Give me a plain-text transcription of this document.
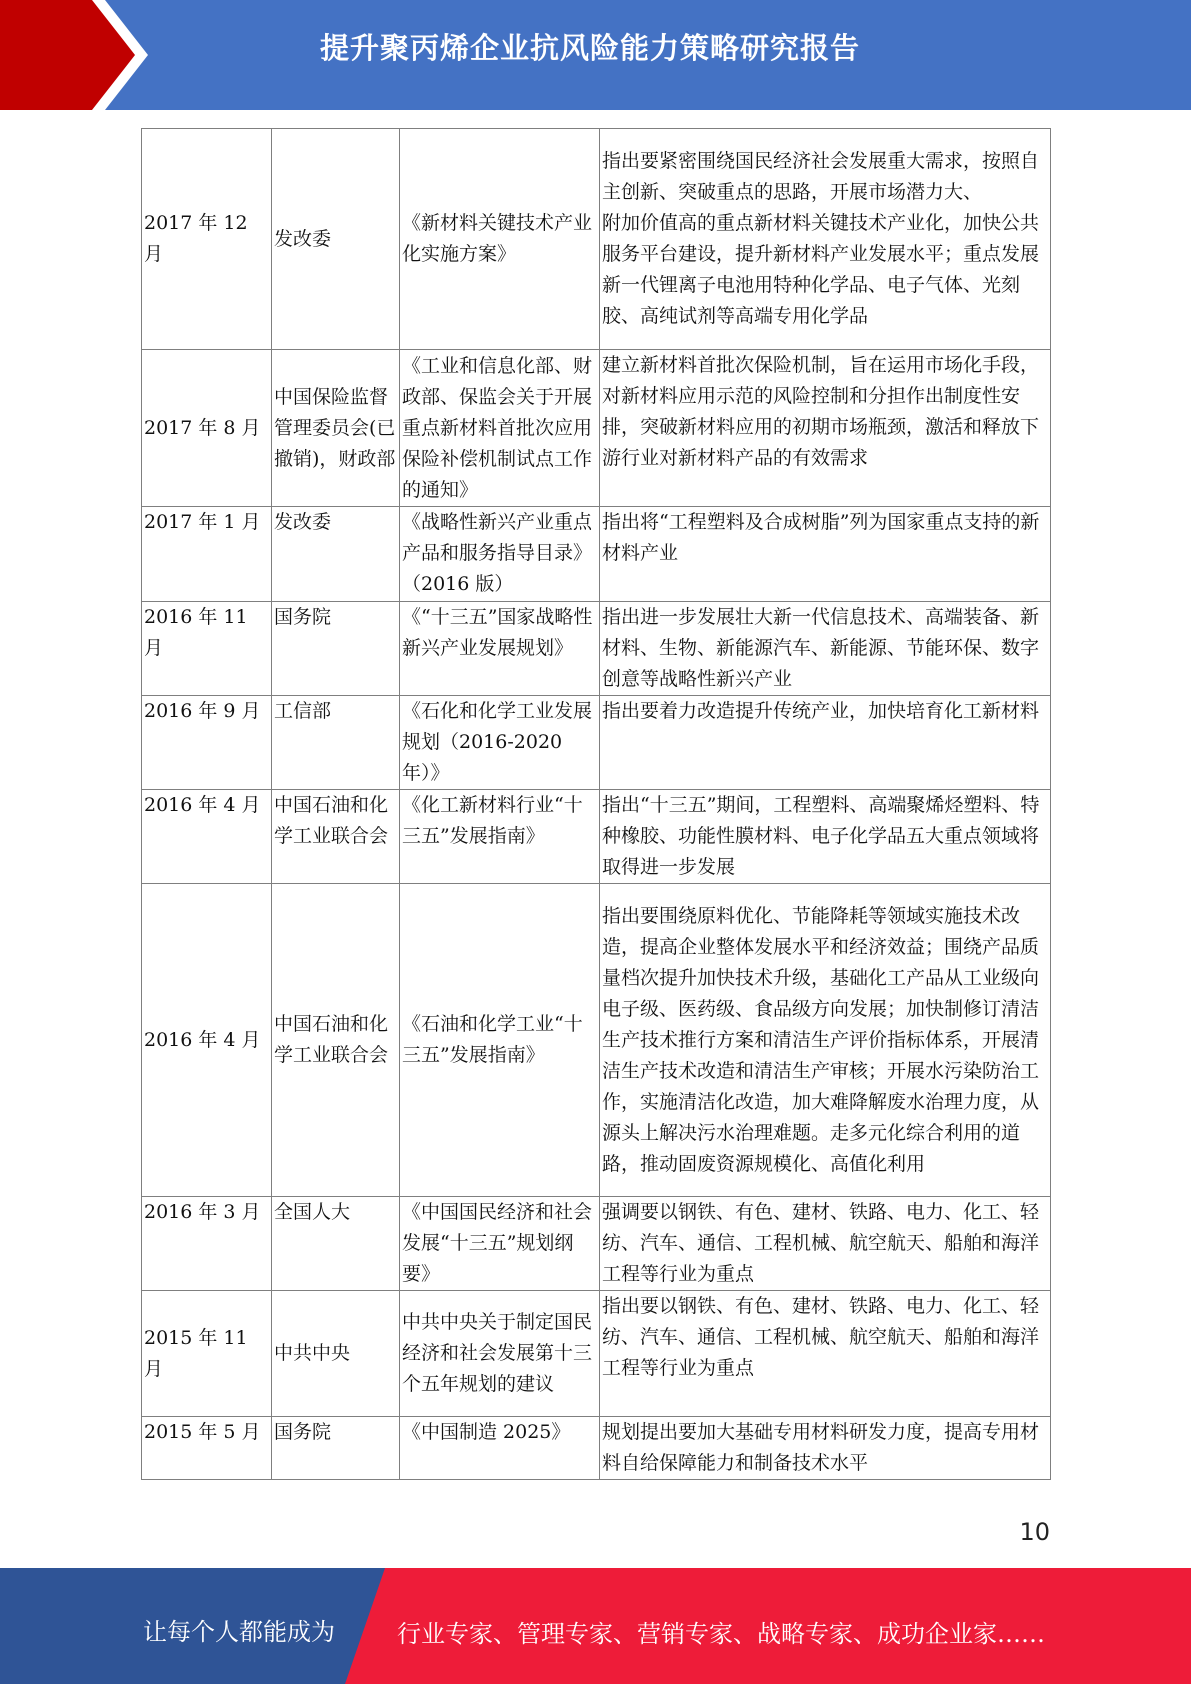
提升聚丙烯企业抗风险能力策略研究报告
2017 年 12 月	发改委	《新材料关键技术产业化实施方案》	指出要紧密围绕国民经济社会发展重大需求，按照自主创新、突破重点的思路，开展市场潜力大、
附加价值高的重点新材料关键技术产业化，加快公共服务平台建设，提升新材料产业发展水平；重点发展新一代锂离子电池用特种化学品、电子气体、光刻胶、高纯试剂等高端专用化学品
2017 年 8 月	中国保险监督管理委员会(已撤销)，财政部	《工业和信息化部、财政部、保监会关于开展重点新材料首批次应用保险补偿机制试点工作的通知》	建立新材料首批次保险机制，旨在运用市场化手段，对新材料应用示范的风险控制和分担作出制度性安排，突破新材料应用的初期市场瓶颈，激活和释放下游行业对新材料产品的有效需求
2017 年 1 月	发改委	《战略性新兴产业重点产品和服务指导目录》（2016 版）	指出将“工程塑料及合成树脂”列为国家重点支持的新材料产业
2016 年 11 月	国务院	《“十三五”国家战略性新兴产业发展规划》	指出进一步发展壮大新一代信息技术、高端装备、新材料、生物、新能源汽车、新能源、节能环保、数字创意等战略性新兴产业
2016 年 9 月	工信部	《石化和化学工业发展规划（2016-2020 年）》	指出要着力改造提升传统产业，加快培育化工新材料
2016 年 4 月	中国石油和化学工业联合会	《化工新材料行业“十三五”发展指南》	指出“十三五”期间，工程塑料、高端聚烯烃塑料、特种橡胶、功能性膜材料、电子化学品五大重点领域将取得进一步发展
2016 年 4 月	中国石油和化学工业联合会	《石油和化学工业“十三五”发展指南》	指出要围绕原料优化、节能降耗等领域实施技术改造，提高企业整体发展水平和经济效益；围绕产品质量档次提升加快技术升级，基础化工产品从工业级向电子级、医药级、食品级方向发展；加快制修订清洁生产技术推行方案和清洁生产评价指标体系，开展清洁生产技术改造和清洁生产审核；开展水污染防治工作，实施清洁化改造，加大难降解废水治理力度，从源头上解决污水治理难题。走多元化综合利用的道路，推动固废资源规模化、高值化利用
2016 年 3 月	全国人大	《中国国民经济和社会发展“十三五”规划纲要》	强调要以钢铁、有色、建材、铁路、电力、化工、轻纺、汽车、通信、工程机械、航空航天、船舶和海洋工程等行业为重点
2015 年 11 月	中共中央	中共中央关于制定国民经济和社会发展第十三个五年规划的建议	指出要以钢铁、有色、建材、铁路、电力、化工、轻纺、汽车、通信、工程机械、航空航天、船舶和海洋工程等行业为重点
2015 年 5 月	国务院	《中国制造 2025》	规划提出要加大基础专用材料研发力度，提高专用材料自给保障能力和制备技术水平
10
让每个人都能成为	行业专家、管理专家、营销专家、战略专家、成功企业家……
